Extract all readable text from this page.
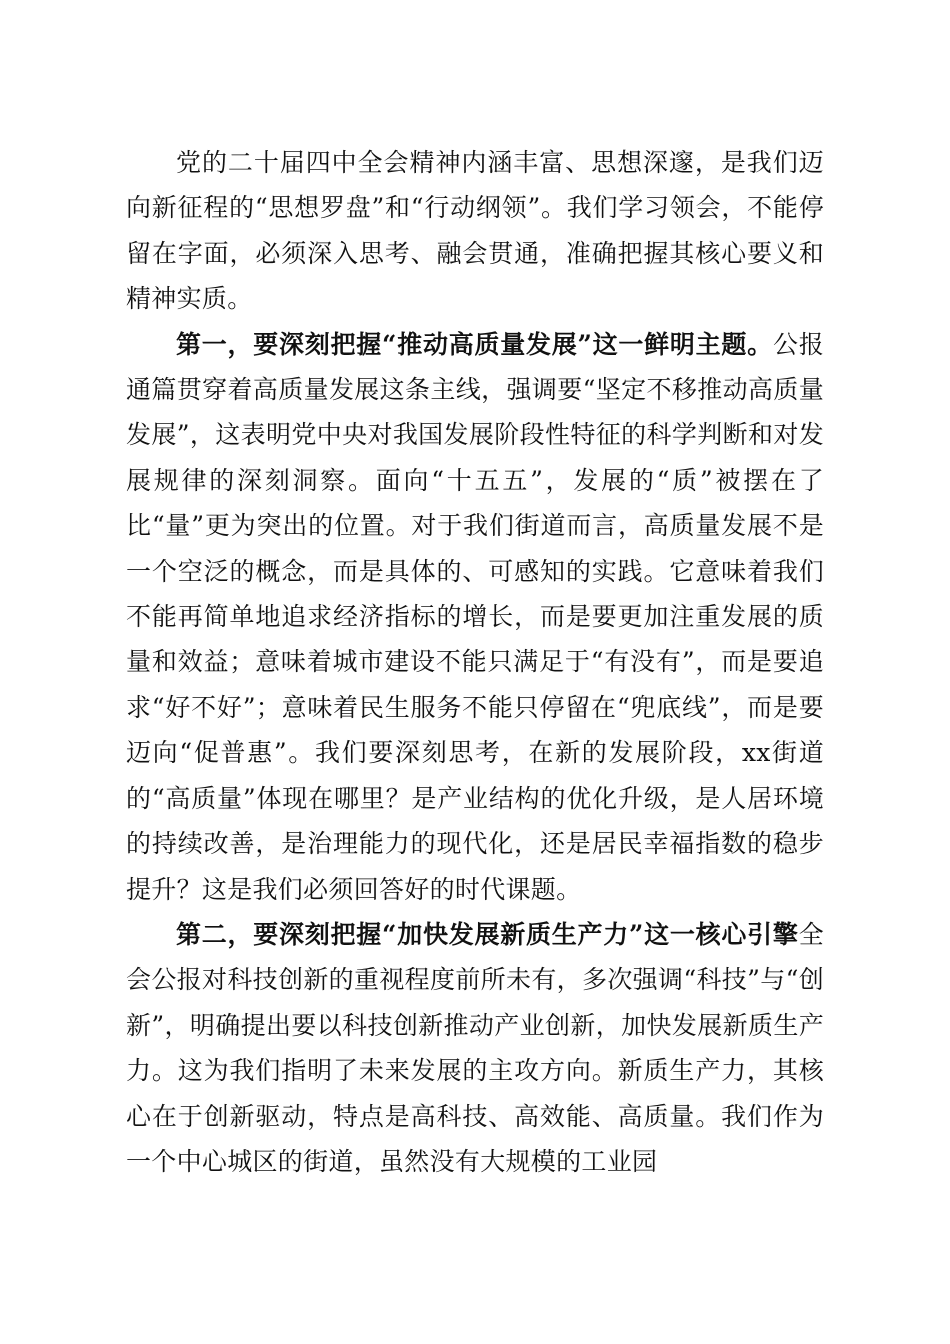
党的二十届四中全会精神内涵丰富、思想深邃，是我们迈向新征程的“思想罗盘”和“行动纲领”。我们学习领会，不能停留在字面，必须深入思考、融会贯通，准确把握其核心要义和精神实质。

第一，要深刻把握“推动高质量发展”这一鲜明主题。公报通篇贯穿着高质量发展这条主线，强调要“坚定不移推动高质量发展”，这表明党中央对我国发展阶段性特征的科学判断和对发展规律的深刻洞察。面向“十五五”，发展的“质”被摆在了比“量”更为突出的位置。对于我们街道而言，高质量发展不是一个空泛的概念，而是具体的、可感知的实践。它意味着我们不能再简单地追求经济指标的增长，而是要更加注重发展的质量和效益；意味着城市建设不能只满足于“有没有”，而是要追求“好不好”；意味着民生服务不能只停留在“兜底线”，而是要迈向“促普惠”。我们要深刻思考，在新的发展阶段，xx街道的“高质量”体现在哪里？是产业结构的优化升级，是人居环境的持续改善，是治理能力的现代化，还是居民幸福指数的稳步提升？这是我们必须回答好的时代课题。

第二，要深刻把握“加快发展新质生产力”这一核心引擎全会公报对科技创新的重视程度前所未有，多次强调“科技”与“创新”，明确提出要以科技创新推动产业创新，加快发展新质生产力。这为我们指明了未来发展的主攻方向。新质生产力，其核心在于创新驱动，特点是高科技、高效能、高质量。我们作为一个中心城区的街道，虽然没有大规模的工业园
